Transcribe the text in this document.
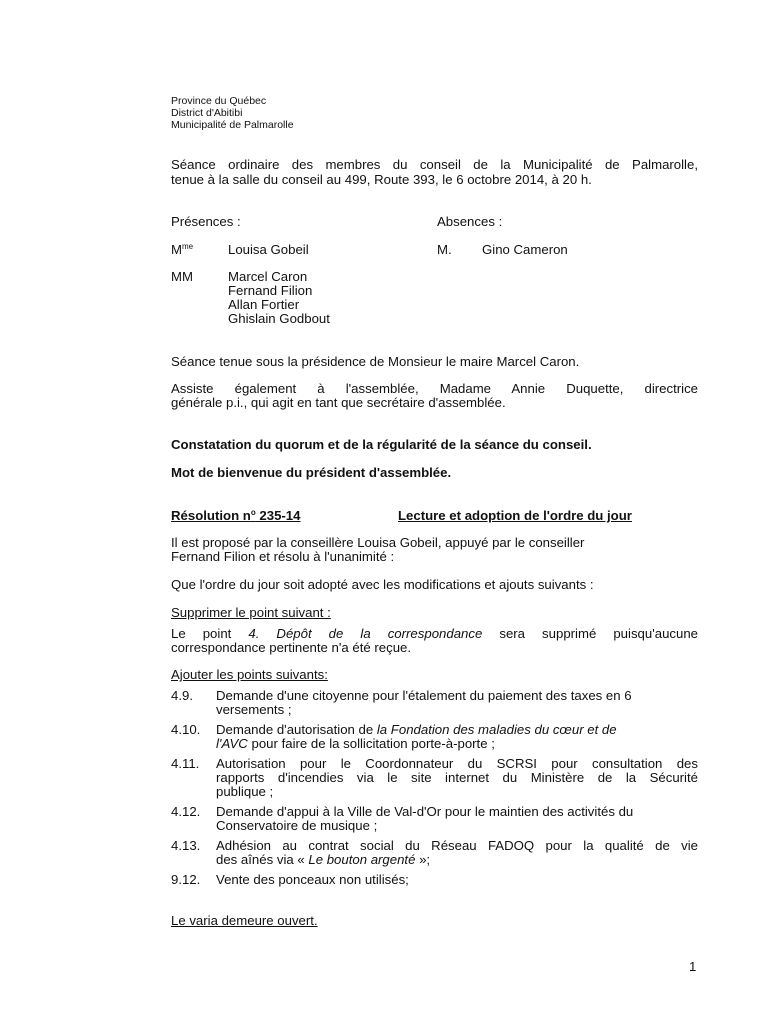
Province du Québec
District d'Abitibi
Municipalité de Palmarolle
Séance ordinaire des membres du conseil de la Municipalité de Palmarolle,
tenue à la salle du conseil au 499, Route 393, le 6 octobre 2014, à 20 h.
Présences :	Absences :
$M^{me}$	Louisa Gobeil	M. Gino Cameron
MM	Marcel Caron
Fernand Filion
Allan Fortier
Ghislain Godbout
Séance tenue sous la présidence de Monsieur le maire Marcel Caron.
Assiste également à l'assemblée, Madame Annie Duquette, directrice
générale p.i., qui agit en tant que secrétaire d'assemblée.
Constatation du quorum et de la régularité de la séance du conseil.
Mot de bienvenue du président d'assemblée.
Résolution $n^o$ 235-14	Lecture et adoption de l'ordre du jour
Il est proposé par la conseillère Louisa Gobeil, appuyé par le conseiller
Fernand Filion et résolu à l'unanimité :
Que l'ordre du jour soit adopté avec les modifications et ajouts suivants :
Supprimer le point suivant :
Le point 4. Dépôt de la correspondance sera supprimé puisqu'aucune
correspondance pertinente n'a été reçue.
Ajouter les points suivants:
4.9. Demande d'une citoyenne pour l'étalement du paiement des taxes en 6
versements ;
4.10. Demande d'autorisation de la Fondation des maladies du cœur et de
l'AVC pour faire de la sollicitation porte-à-porte ;
4.11. Autorisation pour le Coordonnateur du SCRSI pour consultation des
rapports d'incendies via le site internet du Ministère de la Sécurité
publique ;
4.12. Demande d'appui à la Ville de Val-d'Or pour le maintien des activités du
Conservatoire de musique ;
4.13. Adhésion au contrat social du Réseau FADOQ pour la qualité de vie
des aînés via « Le bouton argenté »;
9.12. Vente des ponceaux non utilisés;
Le varia demeure ouvert.
1
